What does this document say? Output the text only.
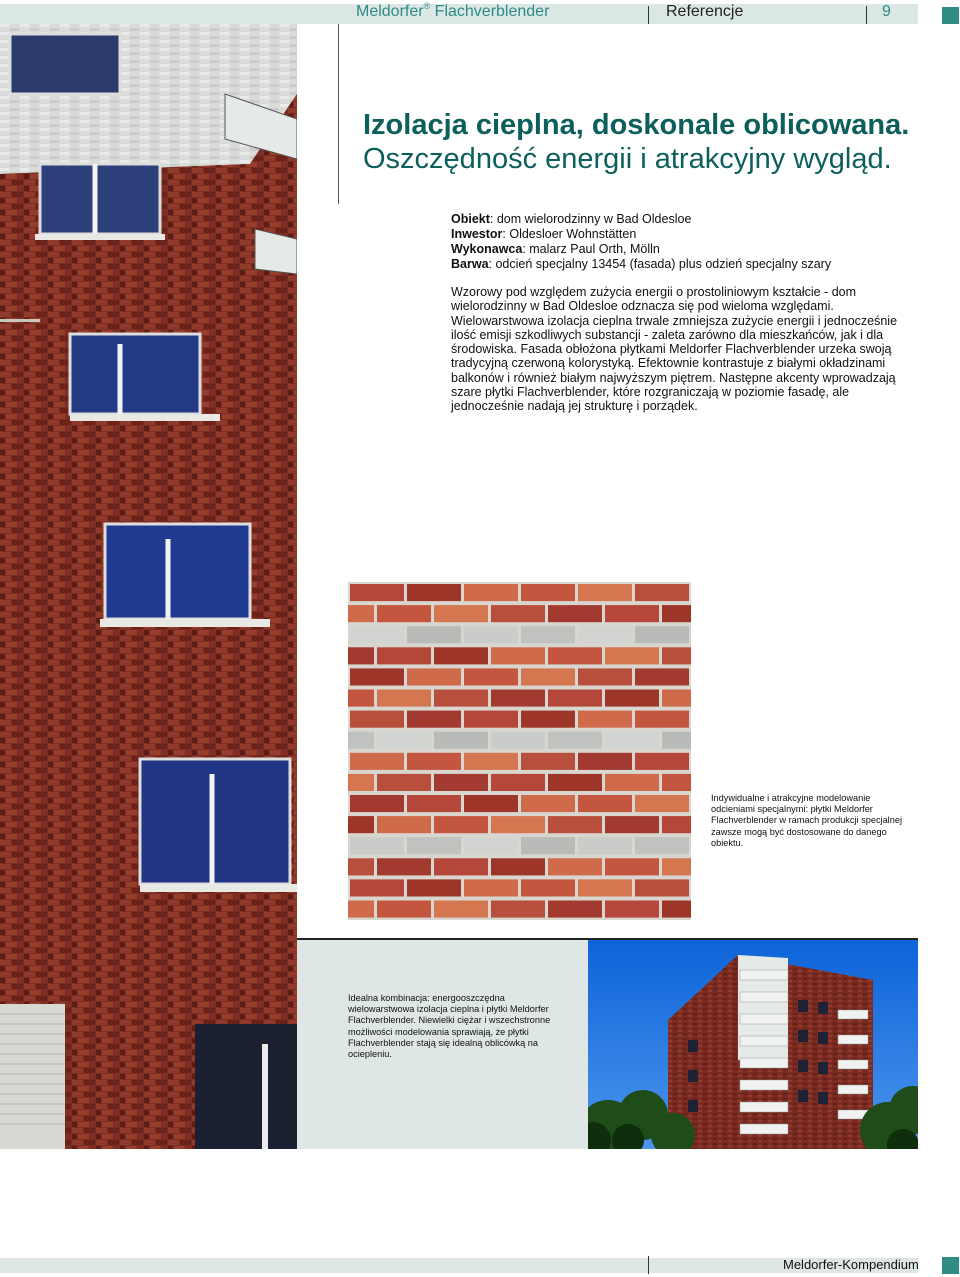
Meldorfer® Flachverblender	Referencje	9
Izolacja cieplna, doskonale oblicowana.
Oszczędność energii i atrakcyjny wygląd.
Obiekt: dom wielorodzinny w Bad Oldesloe
Inwestor: Oldesloer Wohnstätten
Wykonawca: malarz Paul Orth, Mölln
Barwa: odcień specjalny 13454 (fasada) plus odzień specjalny szary
Wzorowy pod względem zużycia energii o prostoliniowym kształcie - dom wielorodzinny w Bad Oldesloe odznacza się pod wieloma względami. Wielowarstwowa izolacja cieplna trwale zmniejsza zużycie energii i jednocześnie ilość emisji szkodliwych substancji - zaleta zarówno dla mieszkańców, jak i dla środowiska. Fasada obłożona płytkami Meldorfer Flachverblender urzeka swoją tradycyjną czerwoną kolorystyką. Efektownie kontrastuje z białymi okładzinami balkonów i również białym najwyższym piętrem. Następne akcenty wprowadzają szare płytki Flachverblender, które rozgraniczają w poziomie fasadę, ale jednocześnie nadają jej strukturę i porządek.
Indywidualne i atrakcyjne modelowanie odcieniami specjalnymi: płytki Meldorfer Flachverblender w ramach produkcji specjalnej zawsze mogą być dostosowane do danego obiektu.
Idealna kombinacja: energooszczędna wielowarstwowa izolacja cieplna i płytki Meldorfer Flachverblender. Niewielki ciężar i wszechstronne możliwości modelowania sprawiają, że płytki Flachverblender stają się idealną oblicówką na ociepleniu.
Meldorfer-Kompendium
